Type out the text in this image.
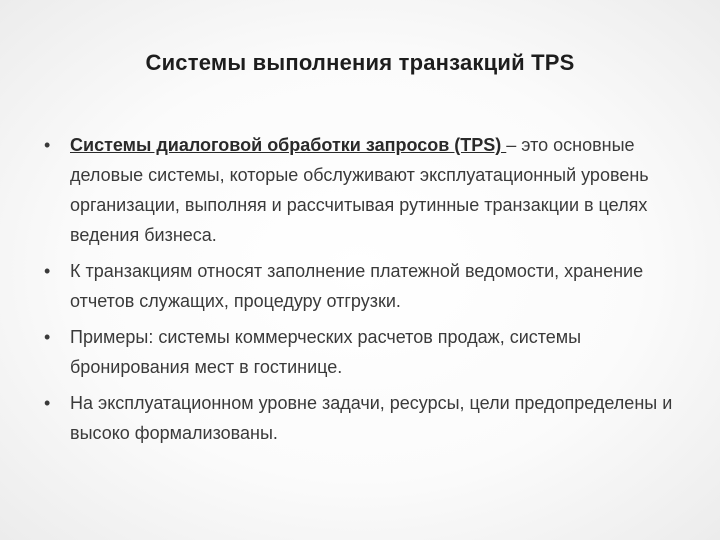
Системы выполнения транзакций TPS
• Системы диалоговой обработки запросов (TPS) – это основные деловые системы, которые обслуживают эксплуатационный уровень организации, выполняя и рассчитывая рутинные транзакции в целях ведения бизнеса.
• К транзакциям относят заполнение платежной ведомости, хранение отчетов служащих, процедуру отгрузки.
• Примеры: системы коммерческих расчетов продаж, системы бронирования мест в гостинице.
• На эксплуатационном уровне задачи, ресурсы, цели предопределены и высоко формализованы.
